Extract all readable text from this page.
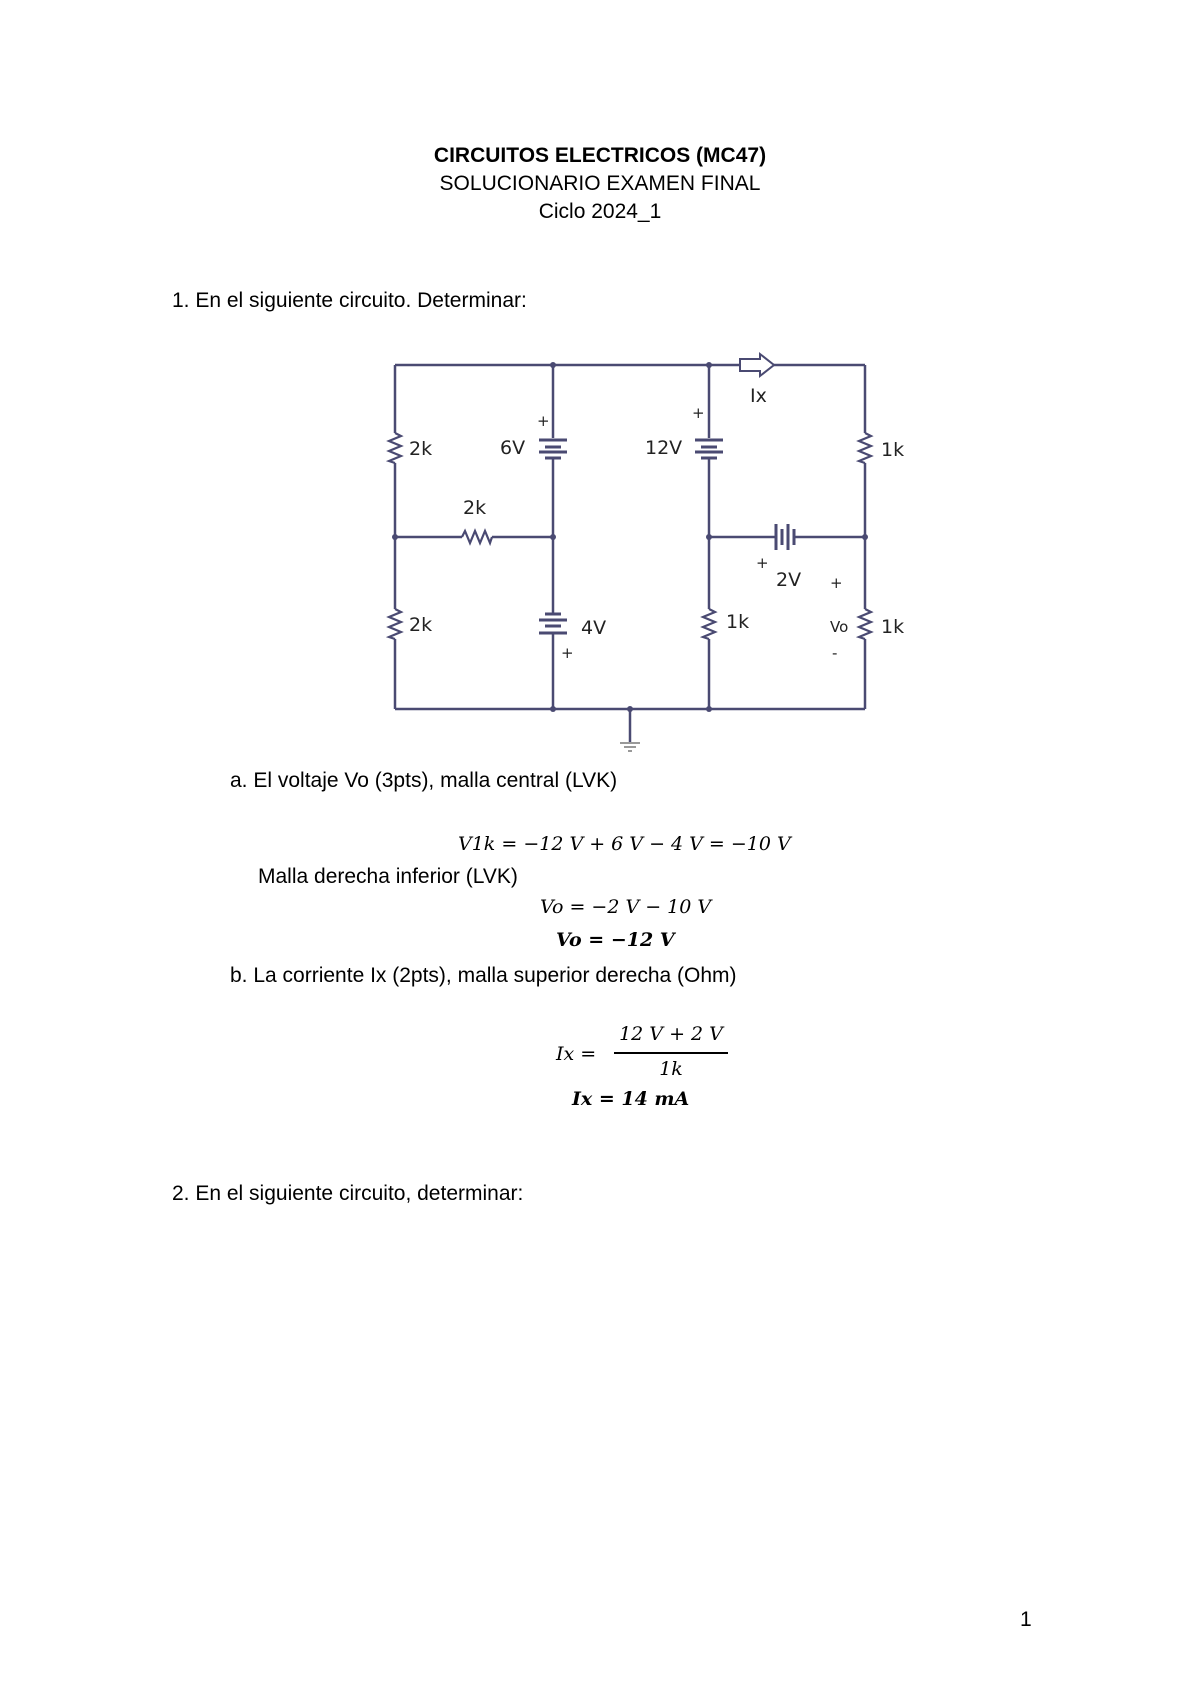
CIRCUITOS ELECTRICOS (MC47)
SOLUCIONARIO EXAMEN FINAL
Ciclo 2024_1
1. En el siguiente circuito. Determinar:
2k
2k
2k
6V
4V
12V
2V
1k
1k
1k
Ix
Vo
+	+
+
+
+
-
a. El voltaje Vo (3pts), malla central (LVK)
V1k = −12 V + 6 V − 4 V = −10 V
Malla derecha inferior (LVK)
Vo = −2 V − 10 V
Vo = −12 V
b. La corriente Ix (2pts), malla superior derecha (Ohm)
Ix =
12 V + 2 V
1k
Ix = 14 mA
2. En el siguiente circuito, determinar:
1
